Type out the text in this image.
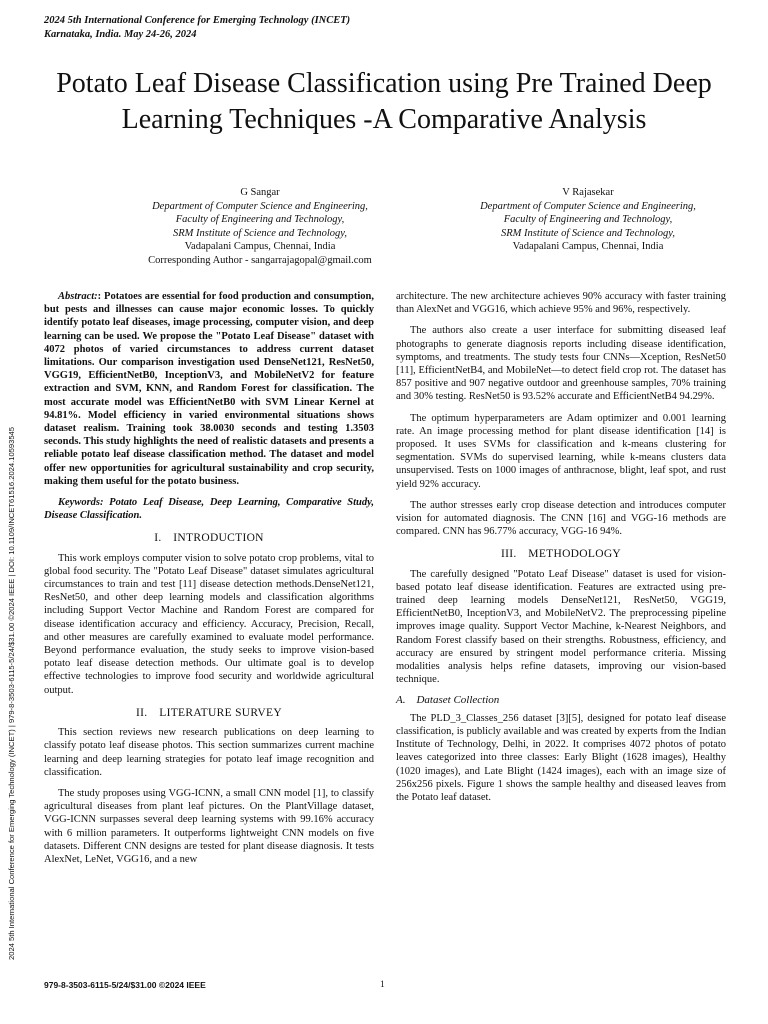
2024 5th International Conference for Emerging Technology (INCET)
Karnataka, India. May 24-26, 2024
2024 5th International Conference for Emerging Technology (INCET) | 979-8-3503-6115-5/24/$31.00 ©2024 IEEE | DOI: 10.1109/INCET61516.2024.10593545
Potato Leaf Disease Classification using Pre Trained Deep Learning Techniques -A Comparative Analysis
G Sangar
Department of Computer Science and Engineering,
Faculty of Engineering and Technology,
SRM Institute of Science and Technology,
Vadapalani Campus, Chennai, India
Corresponding Author - sangarrajagopal@gmail.com
V Rajasekar
Department of Computer Science and Engineering,
Faculty of Engineering and Technology,
SRM Institute of Science and Technology,
Vadapalani Campus, Chennai, India

Abstract:: Potatoes are essential for food production and consumption, but pests and illnesses can cause major economic losses. To quickly identify potato leaf diseases, image processing, computer vision, and deep learning can be used. We propose the "Potato Leaf Disease" dataset with 4072 photos of varied circumstances to address current dataset limitations. Our comparison investigation used DenseNet121, ResNet50, VGG19, EfficientNetB0, InceptionV3, and MobileNetV2 for feature extraction and SVM, KNN, and Random Forest for classification. The most accurate model was EfficientNetB0 with SVM Linear Kernel at 94.81%. Model efficiency in varied environmental situations shows dataset realism. Training took 38.0030 seconds and testing 1.3503 seconds. This study highlights the need of realistic datasets and presents a reliable potato leaf disease classification method. The dataset and model offer new opportunities for agricultural sustainability and crop security, making them useful for the potato business.

Keywords: Potato Leaf Disease, Deep Learning, Comparative Study, Disease Classification.

I. INTRODUCTION

This work employs computer vision to solve potato crop problems, vital to global food security. The "Potato Leaf Disease" dataset simulates agricultural circumstances to train and test [11] disease detection methods.DenseNet121, ResNet50, and other deep learning models and classification algorithms including Support Vector Machine and Random Forest are compared for disease identification accuracy and efficiency. Accuracy, Precision, Recall, and other measures are carefully examined to evaluate model performance. Beyond performance evaluation, the study seeks to improve vision-based potato leaf disease detection methods. Our ultimate goal is to develop effective technologies to improve food security and worldwide agricultural output.

II. LITERATURE SURVEY

This section reviews new research publications on deep learning to classify potato leaf disease photos. This section summarizes current machine learning and deep learning strategies for potato leaf image recognition and classification.

The study proposes using VGG-ICNN, a small CNN model [1], to classify agricultural diseases from plant leaf pictures. On the PlantVillage dataset, VGG-ICNN surpasses several deep learning systems with 99.16% accuracy with 6 million parameters. It outperforms lightweight CNN models on five datasets. Different CNN designs are tested for plant disease diagnosis. It tests AlexNet, LeNet, VGG16, and a new

architecture. The new architecture achieves 90% accuracy with faster training than AlexNet and VGG16, which achieve 95% and 96%, respectively.

The authors also create a user interface for submitting diseased leaf photographs to generate diagnosis reports including disease identification, symptoms, and treatments. The study tests four CNNs—Xception, ResNet50 [11], EfficientNetB4, and MobileNet—to detect field crop rot. The dataset has 857 positive and 907 negative outdoor and greenhouse samples, 70% training and 30% testing. ResNet50 is 93.52% accurate and EfficientNetB4 94.29%.

The optimum hyperparameters are Adam optimizer and 0.001 learning rate. An image processing method for plant disease identification [14] is proposed. It uses SVMs for classification and k-means clustering for segmentation. SVMs do supervised learning, while k-means clusters data unsupervised. Tests on 1000 images of anthracnose, blight, leaf spot, and rust yield 92% accuracy.

The author stresses early crop disease detection and introduces computer vision for automated diagnosis. The CNN [16] and VGG-16 methods are compared. CNN has 96.77% accuracy, VGG-16 94%.

III. METHODOLOGY

The carefully designed "Potato Leaf Disease" dataset is used for vision-based potato leaf disease identification. Features are extracted using pre-trained deep learning models DenseNet121, ResNet50, VGG19, EfficientNetB0, InceptionV3, and MobileNetV2. The preprocessing pipeline improves image quality. Support Vector Machine, k-Nearest Neighbors, and Random Forest classify based on their strengths. Robustness, efficiency, and accuracy are ensured by stringent model performance criteria. Missing modalities analysis helps refine datasets, improving our vision-based technique.

A. Dataset Collection

The PLD_3_Classes_256 dataset [3][5], designed for potato leaf disease classification, is publicly available and was created by experts from the Indian Institute of Technology, Delhi, in 2022. It comprises 4072 photos of potato leaves categorized into three classes: Early Blight (1628 images), Healthy (1020 images), and Late Blight (1424 images), each with an image size of 256x256 pixels. Figure 1 shows the sample healthy and diseased leaves from the Potato leaf dataset.

979-8-3503-6115-5/24/$31.00 ©2024 IEEE	1
